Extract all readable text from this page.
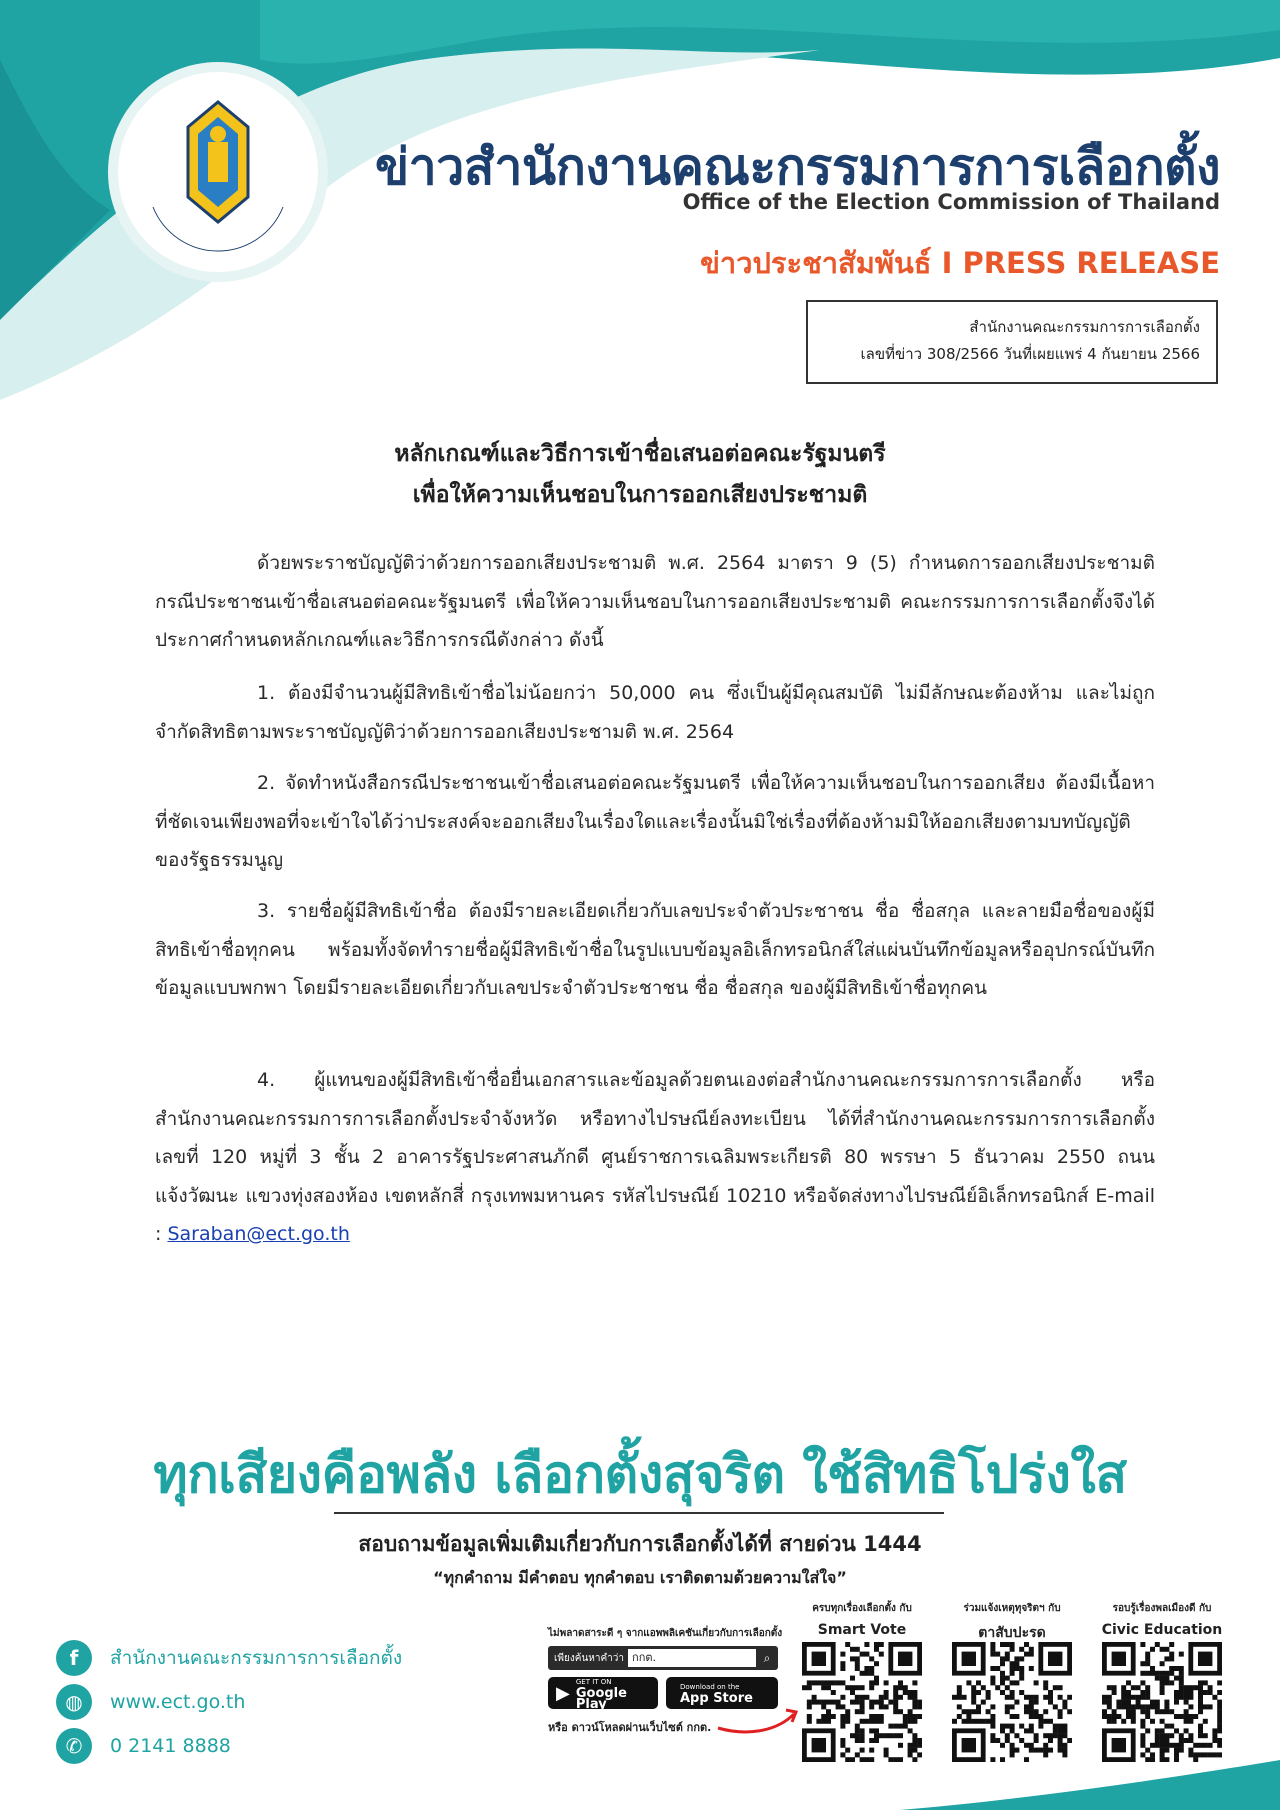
ข่าวสำนักงานคณะกรรมการการเลือกตั้ง
Office of the Election Commission of Thailand
ข่าวประชาสัมพันธ์ I PRESS RELEASE
สำนักงานคณะกรรมการการเลือกตั้ง
เลขที่ข่าว 308/2566 วันที่เผยแพร่ 4 กันยายน 2566
หลักเกณฑ์และวิธีการเข้าชื่อเสนอต่อคณะรัฐมนตรี
เพื่อให้ความเห็นชอบในการออกเสียงประชามติ
ด้วยพระราชบัญญัติว่าด้วยการออกเสียงประชามติ พ.ศ. 2564 มาตรา 9 (5) กำหนดการออกเสียงประชามติกรณีประชาชนเข้าชื่อเสนอต่อคณะรัฐมนตรี เพื่อให้ความเห็นชอบในการออกเสียงประชามติ คณะกรรมการการเลือกตั้งจึงได้ประกาศกำหนดหลักเกณฑ์และวิธีการกรณีดังกล่าว ดังนี้
1. ต้องมีจำนวนผู้มีสิทธิเข้าชื่อไม่น้อยกว่า 50,000 คน ซึ่งเป็นผู้มีคุณสมบัติ ไม่มีลักษณะต้องห้าม และไม่ถูกจำกัดสิทธิตามพระราชบัญญัติว่าด้วยการออกเสียงประชามติ พ.ศ. 2564
2. จัดทำหนังสือกรณีประชาชนเข้าชื่อเสนอต่อคณะรัฐมนตรี เพื่อให้ความเห็นชอบในการออกเสียง ต้องมีเนื้อหาที่ชัดเจนเพียงพอที่จะเข้าใจได้ว่าประสงค์จะออกเสียงในเรื่องใดและเรื่องนั้นมิใช่เรื่องที่ต้องห้ามมิให้ออกเสียงตามบทบัญญัติของรัฐธรรมนูญ
3. รายชื่อผู้มีสิทธิเข้าชื่อ ต้องมีรายละเอียดเกี่ยวกับเลขประจำตัวประชาชน ชื่อ ชื่อสกุล และลายมือชื่อของผู้มีสิทธิเข้าชื่อทุกคน พร้อมทั้งจัดทำรายชื่อผู้มีสิทธิเข้าชื่อในรูปแบบข้อมูลอิเล็กทรอนิกส์ใส่แผ่นบันทึกข้อมูลหรืออุปกรณ์บันทึกข้อมูลแบบพกพา โดยมีรายละเอียดเกี่ยวกับเลขประจำตัวประชาชน ชื่อ ชื่อสกุล ของผู้มีสิทธิเข้าชื่อทุกคน
4. ผู้แทนของผู้มีสิทธิเข้าชื่อยื่นเอกสารและข้อมูลด้วยตนเองต่อสำนักงานคณะกรรมการการเลือกตั้ง หรือสำนักงานคณะกรรมการการเลือกตั้งประจำจังหวัด หรือทางไปรษณีย์ลงทะเบียน ได้ที่สำนักงานคณะกรรมการการเลือกตั้ง เลขที่ 120 หมู่ที่ 3 ชั้น 2 อาคารรัฐประศาสนภักดี ศูนย์ราชการเฉลิมพระเกียรติ 80 พรรษา 5 ธันวาคม 2550 ถนนแจ้งวัฒนะ แขวงทุ่งสองห้อง เขตหลักสี่ กรุงเทพมหานคร รหัสไปรษณีย์ 10210 หรือจัดส่งทางไปรษณีย์อิเล็กทรอนิกส์ E-mail : Saraban@ect.go.th
ทุกเสียงคือพลัง เลือกตั้งสุจริต ใช้สิทธิโปร่งใส
สอบถามข้อมูลเพิ่มเติมเกี่ยวกับการเลือกตั้งได้ที่ สายด่วน 1444
“ทุกคำถาม มีคำตอบ ทุกคำตอบ เราติดตามด้วยความใส่ใจ”
f	สำนักงานคณะกรรมการการเลือกตั้ง
◍	www.ect.go.th
✆	0 2141 8888
ไม่พลาดสาระดี ๆ จากแอพพลิเคชันเกี่ยวกับการเลือกตั้ง
เพียงค้นหาคำว่า กกต.	⌕
▶
GET IT ON
Google Play
Download on the
App Store
หรือ ดาวน์โหลดผ่านเว็บไซต์ กกต.
ครบทุกเรื่องเลือกตั้ง กับ
Smart Vote
ร่วมแจ้งเหตุทุจริตฯ กับ
ตาสับปะรด
รอบรู้เรื่องพลเมืองดี กับ
Civic Education
